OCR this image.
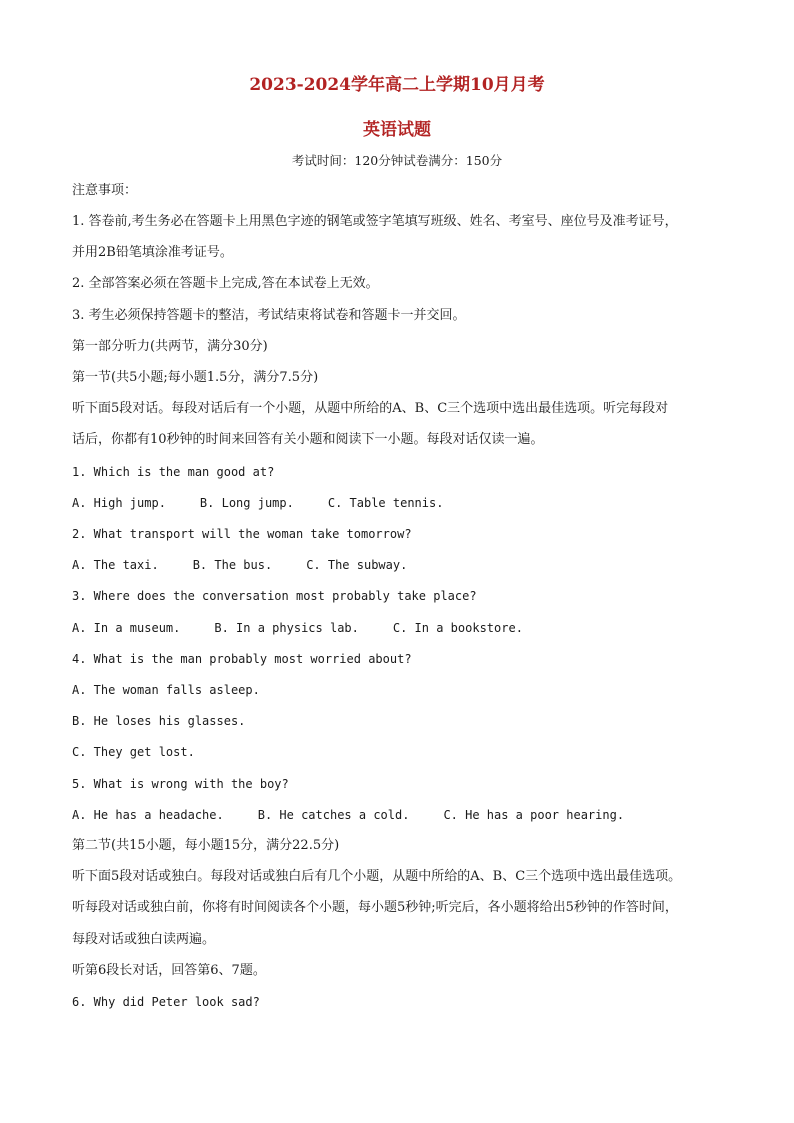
2023-2024学年高二上学期10月月考
英语试题
考试时间：120分钟试卷满分：150分
注意事项：
1. 答卷前,考生务必在答题卡上用黑色字迹的钢笔或签字笔填写班级、姓名、考室号、座位号及准考证号，
并用2B铅笔填涂准考证号。
2. 全部答案必须在答题卡上完成,答在本试卷上无效。
3. 考生必须保持答题卡的整洁，考试结束将试卷和答题卡一并交回。
第一部分听力(共两节，满分30分)
第一节(共5小题;每小题1.5分，满分7.5分)
听下面5段对话。每段对话后有一个小题，从题中所给的A、B、C三个选项中选出最佳选项。听完每段对
话后，你都有10秒钟的时间来回答有关小题和阅读下一小题。每段对话仅读一遍。
1. Which is the man good at?
A. High jump.	B. Long jump.	C. Table tennis.
2. What transport will the woman take tomorrow?
A. The taxi.	B. The bus.	C. The subway.
3. Where does the conversation most probably take place?
A. In a museum.	B. In a physics lab.	C. In a bookstore.
4. What is the man probably most worried about?
A. The woman falls asleep.
B. He loses his glasses.
C. They get lost.
5. What is wrong with the boy?
A. He has a headache.	B. He catches a cold.	C. He has a poor hearing.
第二节(共15小题，每小题15分，满分22.5分)
听下面5段对话或独白。每段对话或独白后有几个小题，从题中所给的A、B、C三个选项中选出最佳选项。
听每段对话或独白前，你将有时间阅读各个小题，每小题5秒钟;听完后，各小题将给出5秒钟的作答时间，
每段对话或独白读两遍。
听第6段长对话，回答第6、7题。
6. Why did Peter look sad?
